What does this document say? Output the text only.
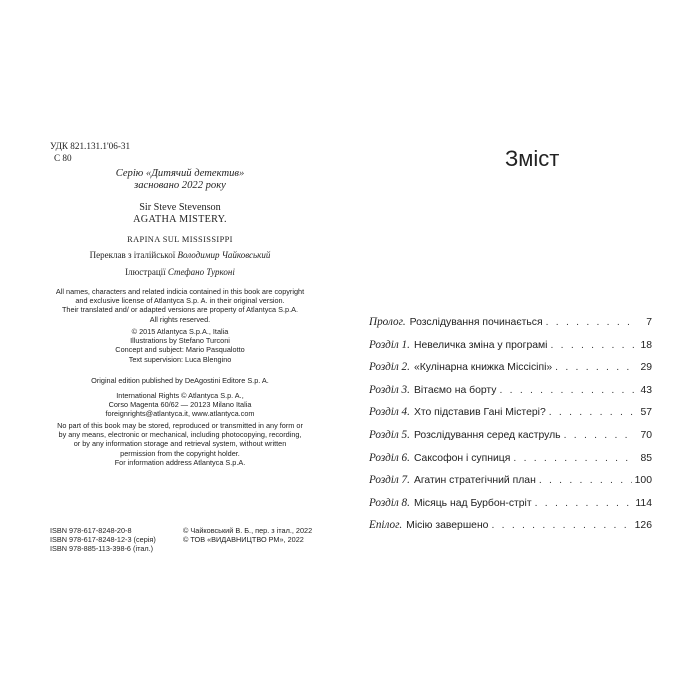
УДК 821.131.1'06-31
С 80
Серію «Дитячий детектив»
засновано 2022 року
Sir Steve Stevenson
AGATHA MISTERY.
RAPINA SUL MISSISSIPPI
Переклав з італійської Володимир Чайковський
Ілюстрації Стефано Турконі
All names, characters and related indicia contained in this book are copyright
and exclusive license of Atlantyca S.p. A. in their original version.
Their translated and/ or adapted versions are property of Atlantyca S.p.A.
All rights reserved.
© 2015 Atlantyca S.p.A., Italia
Illustrations by Stefano Turconi
Concept and subject: Mario Pasqualotto
Text supervision: Luca Blengino
Original edition published by DeAgostini Editore S.p. A.
International Rights © Atlantyca S.p. A.,
Corso Magenta 60/62 — 20123 Milano Italia
foreignrights@atlantyca.it, www.atlantyca.com
No part of this book may be stored, reproduced or transmitted in any form or
by any means, electronic or mechanical, including photocopying, recording,
or by any information storage and retrieval system, without written
permission from the copyright holder.
For information address Atlantyca S.p.A.
ISBN 978-617-8248-20-8
ISBN 978-617-8248-12-3 (серія)
ISBN 978-885-113-398-6 (італ.)
© Чайковський В. Б., пер. з італ., 2022
© ТОВ «ВИДАВНИЦТВО РМ», 2022
Зміст
Пролог. Розслідування починається . . .	7
Розділ 1. Невеличка зміна у програмі . . .	18
Розділ 2. «Кулінарна книжка Міссісіпі» . . .	29
Розділ 3. Вітаємо на борту . . .	43
Розділ 4. Хто підставив Гані Містері? . . .	57
Розділ 5. Розслідування серед каструль . . .	70
Розділ 6. Саксофон і супниця . . .	85
Розділ 7. Агатин стратегічний план . . .	100
Розділ 8. Місяць над Бурбон-стріт . . .	114
Епілог. Місію завершено . . .	126
